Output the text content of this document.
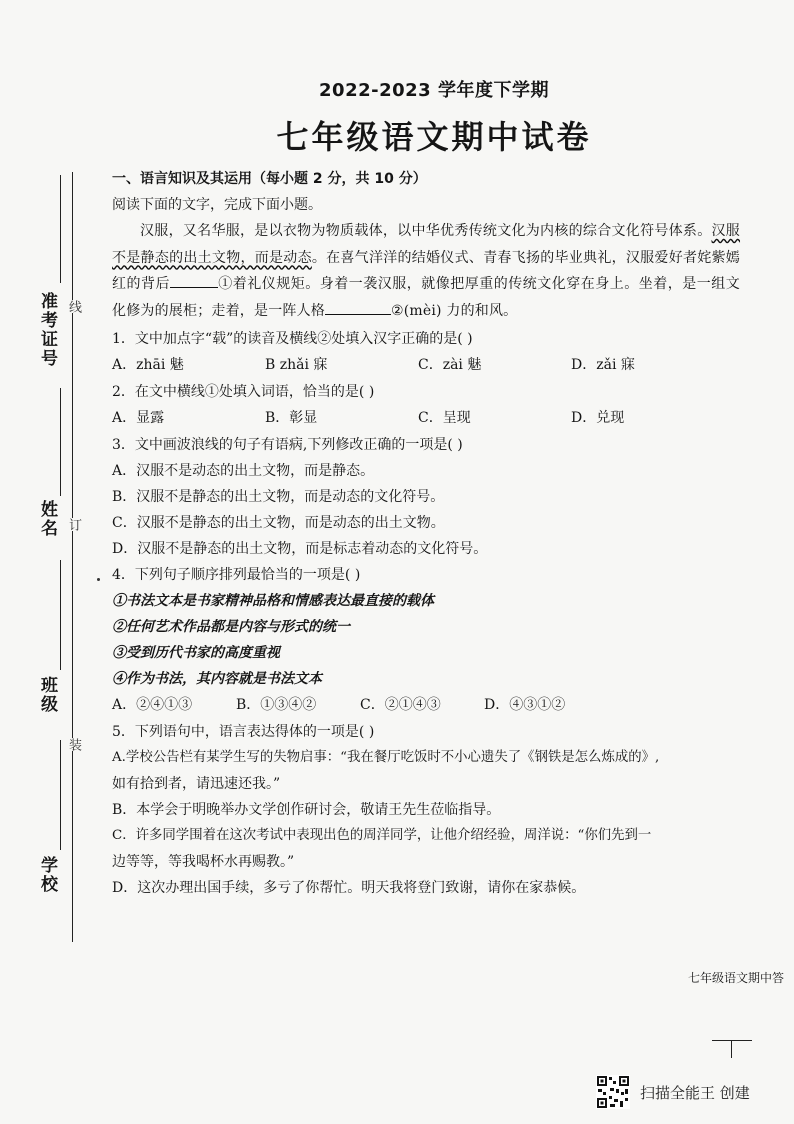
线
订
装
准考证号
姓名
班级
学校
2022-2023 学年度下学期
七年级语文期中试卷
一、语言知识及其运用（每小题 2 分，共 10 分）
阅读下面的文字，完成下面小题。
汉服，又名华服，是以衣物为物质载体，以中华优秀传统文化为内核的综合文化符号体系。汉服不是静态的出土文物，而是动态。在喜气洋洋的结婚仪式、青春飞扬的毕业典礼，汉服爱好者姹紫嫣红的背后	①着礼仪规矩。身着一袭汉服，就像把厚重的传统文化穿在身上。坐着，是一组文化修为的展柜；走着，是一阵人格	②(mèi) 力的和风。
1．文中加点字“载”的读音及横线②处填入汉字正确的是( )
A．zhāi 魅	B zhǎi 寐	C．zài 魅	D．zǎi 寐
2．在文中横线①处填入词语，恰当的是( )
A．显露	B．彰显	C．呈现	D．兑现
3．文中画波浪线的句子有语病,下列修改正确的一项是( )
A．汉服不是动态的出土文物，而是静态。
B．汉服不是静态的出土文物，而是动态的文化符号。
C．汉服不是静态的出土文物，而是动态的出土文物。
D．汉服不是静态的出土文物，而是标志着动态的文化符号。
4．下列句子顺序排列最恰当的一项是( )
①书法文本是书家精神品格和情感表达最直接的载体
②任何艺术作品都是内容与形式的统一
③受到历代书家的高度重视
④作为书法，其内容就是书法文本
A．②④①③	B．①③④②	C．②①④③	D．④③①②
5．下列语句中，语言表达得体的一项是( )
A.学校公告栏有某学生写的失物启事：“我在餐厅吃饭时不小心遗失了《钢铁是怎么炼成的》,
如有拾到者，请迅速还我。”
B．本学会于明晚举办文学创作研讨会，敬请王先生莅临指导。
C．许多同学围着在这次考试中表现出色的周洋同学，让他介绍经验，周洋说：“你们先到一
边等等，等我喝杯水再赐教。”
D．这次办理出国手续，多亏了你帮忙。明天我将登门致谢，请你在家恭候。
七年级语文期中答
扫描全能王 创建
